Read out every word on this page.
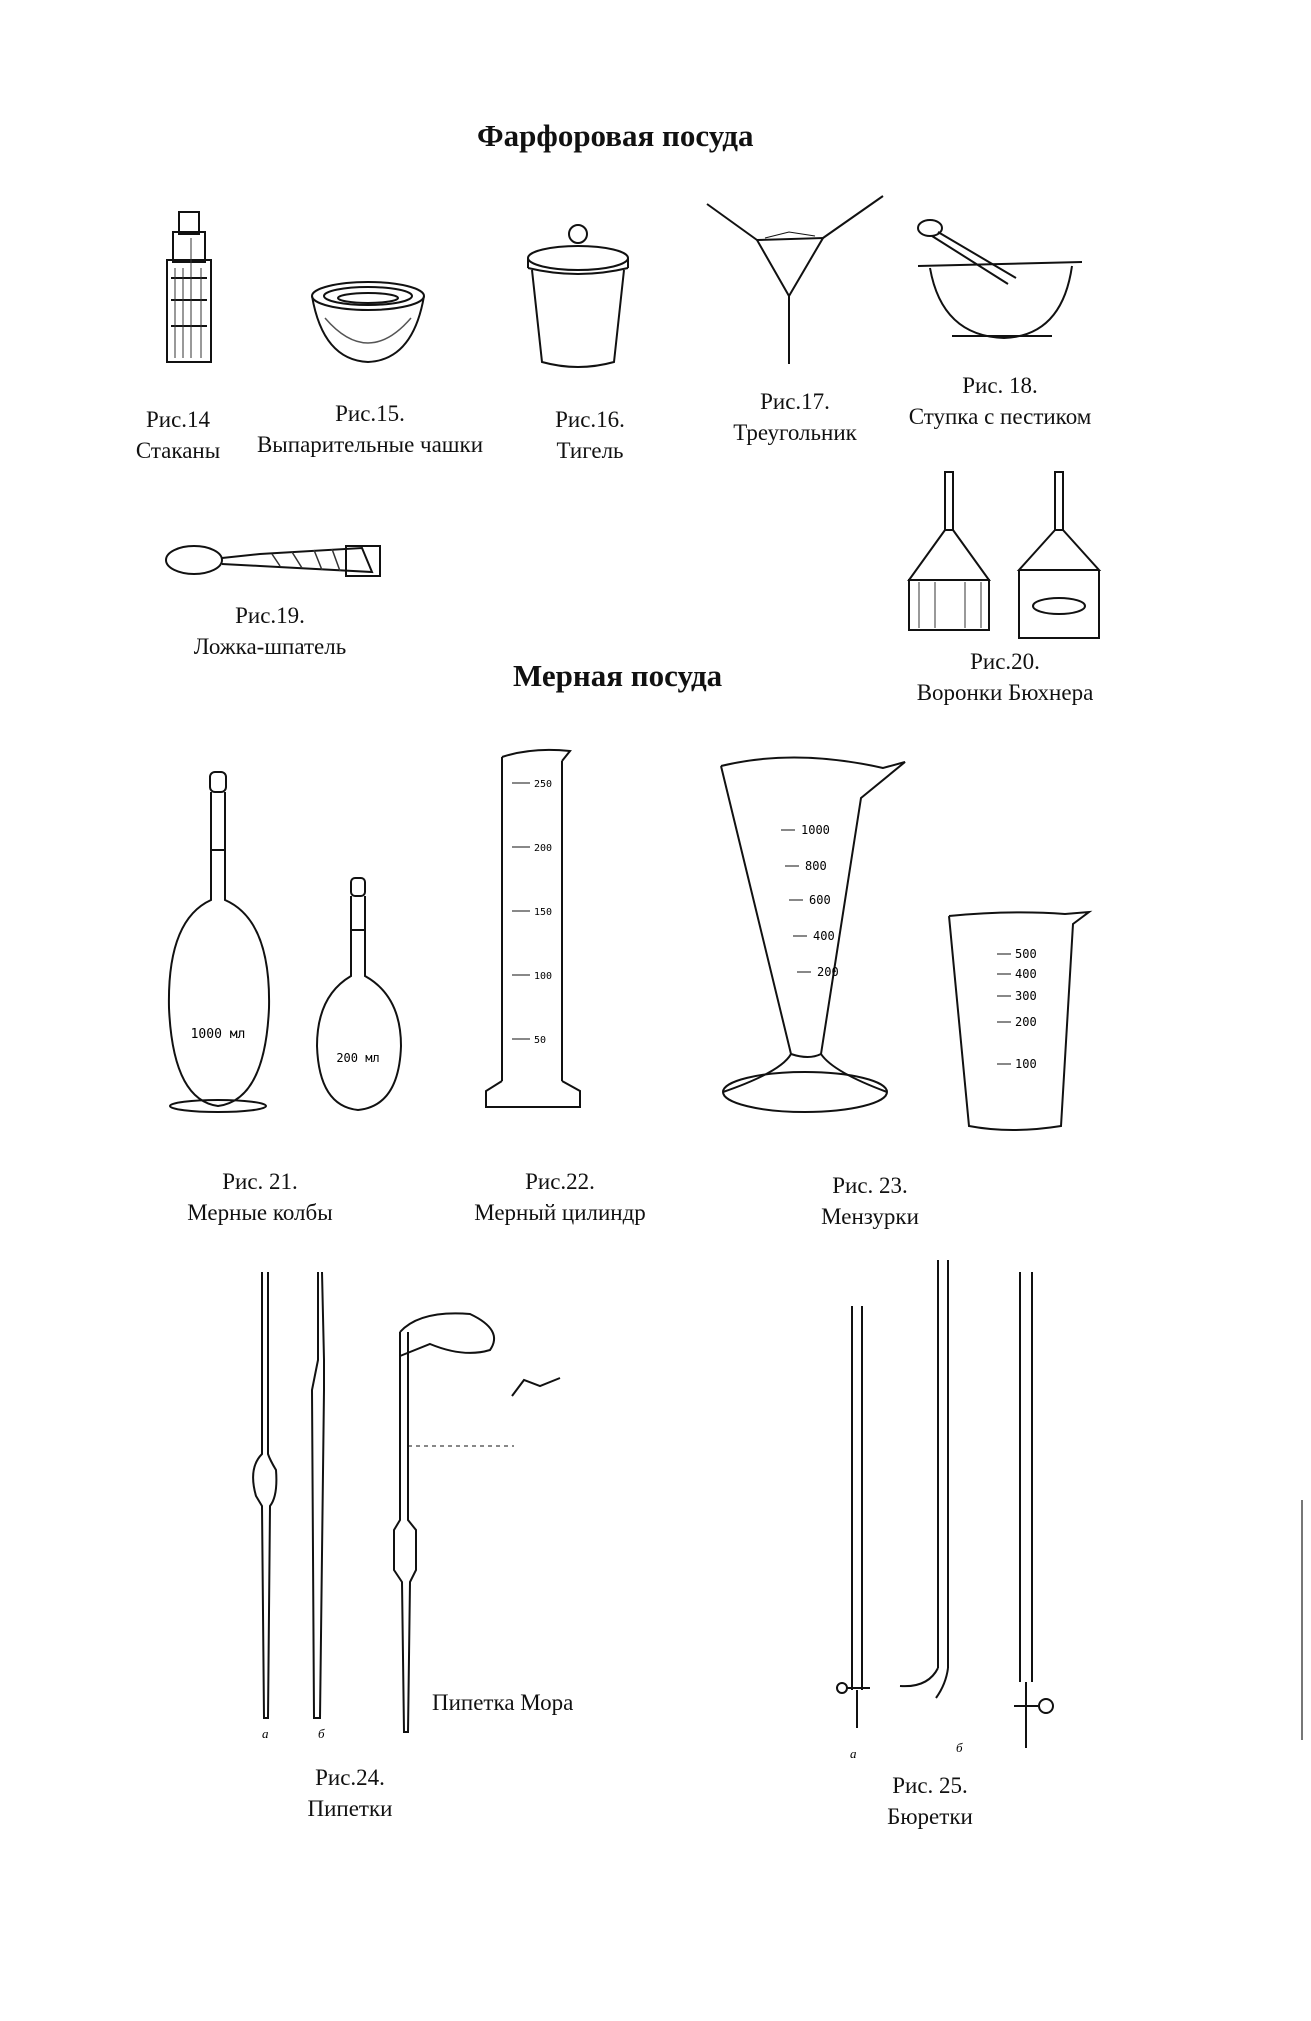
Фарфоровая посуда
Мерная посуда
1000 мл
200 мл
250
200
150
100
50
1000
800
600
400
200
500
400
300
200
100
а	б
Пипетка Мора
а	б
Рис.14
Стаканы
Рис.15.
Выпарительные чашки
Рис.16.
Тигель
Рис.17.
Треугольник
Рис. 18.
Ступка с пестиком
Рис.19.
Ложка-шпатель
Рис.20.
Воронки Бюхнера
Рис. 21.
Мерные колбы
Рис.22.
Мерный цилиндр
Рис. 23.
Мензурки
Рис.24.
Пипетки
Рис. 25.
Бюретки
